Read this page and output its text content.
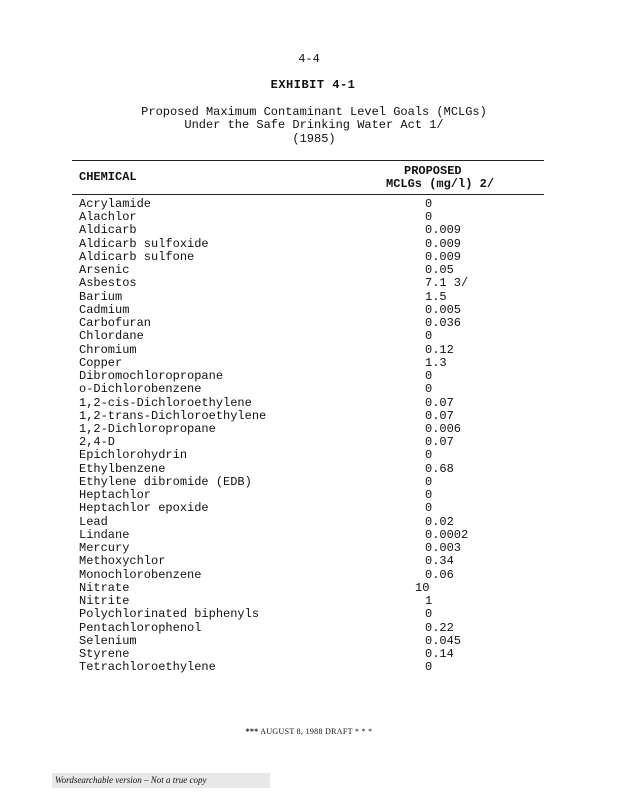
4-4
EXHIBIT 4-1
Proposed Maximum Contaminant Level Goals (MCLGs)
Under the Safe Drinking Water Act 1/
(1985)
CHEMICAL	PROPOSED
MCLGs (mg/l) 2/
Acrylamide	0
Alachlor	0
Aldicarb	0.009
Aldicarb sulfoxide	0.009
Aldicarb sulfone	0.009
Arsenic	0.05
Asbestos	7.1 3/
Barium	1.5
Cadmium	0.005
Carbofuran	0.036
Chlordane	0
Chromium	0.12
Copper	1.3
Dibromochloropropane	0
o-Dichlorobenzene	0
1,2-cis-Dichloroethylene	0.07
1,2-trans-Dichloroethylene	0.07
1,2-Dichloropropane	0.006
2,4-D	0.07
Epichlorohydrin	0
Ethylbenzene	0.68
Ethylene dibromide (EDB)	0
Heptachlor	0
Heptachlor epoxide	0
Lead	0.02
Lindane	0.0002
Mercury	0.003
Methoxychlor	0.34
Monochlorobenzene	0.06
Nitrate	10
Nitrite	1
Polychlorinated biphenyls	0
Pentachlorophenol	0.22
Selenium	0.045
Styrene	0.14
Tetrachloroethylene	0
*** AUGUST 8, 1988 DRAFT * * *
Wordsearchable version – Not a true copy
